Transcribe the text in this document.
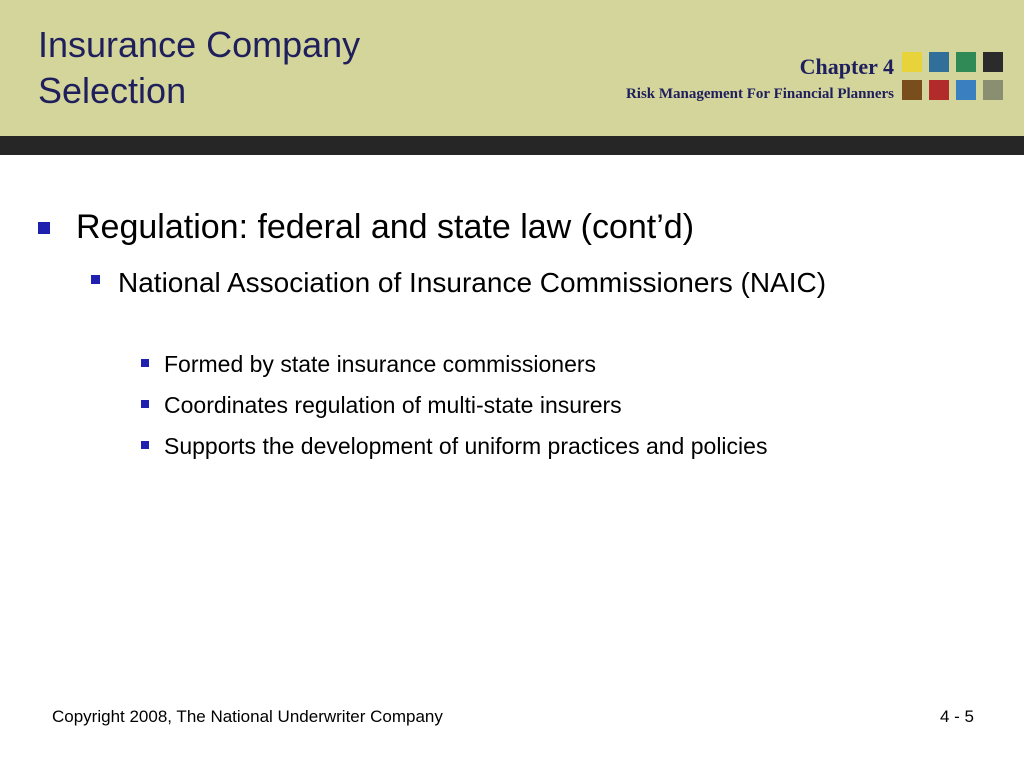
Insurance Company
Selection
Chapter 4
Risk Management For Financial Planners
Regulation: federal and state law (cont’d)
National Association of Insurance Commissioners (NAIC)
Formed by state insurance commissioners
Coordinates regulation of multi-state insurers
Supports the development of uniform practices and policies
Copyright 2008, The National Underwriter Company	4 - 5
